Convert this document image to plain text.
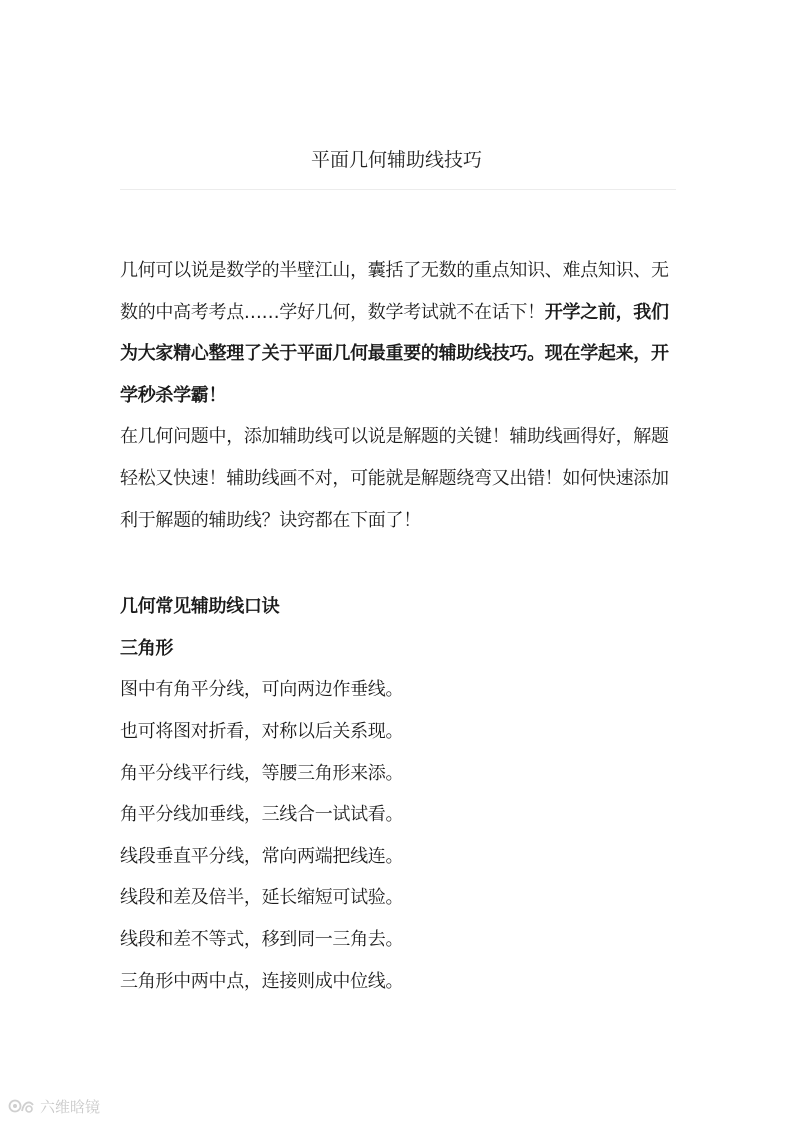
平面几何辅助线技巧

几何可以说是数学的半壁江山，囊括了无数的重点知识、难点知识、无数的中高考考点……学好几何，数学考试就不在话下！开学之前，我们为大家精心整理了关于平面几何最重要的辅助线技巧。现在学起来，开学秒杀学霸！

在几何问题中，添加辅助线可以说是解题的关键！辅助线画得好，解题轻松又快速！辅助线画不对，可能就是解题绕弯又出错！如何快速添加利于解题的辅助线？诀窍都在下面了！

几何常见辅助线口诀

三角形

图中有角平分线，可向两边作垂线。

也可将图对折看，对称以后关系现。

角平分线平行线，等腰三角形来添。

角平分线加垂线，三线合一试试看。

线段垂直平分线，常向两端把线连。

线段和差及倍半，延长缩短可试验。

线段和差不等式，移到同一三角去。

三角形中两中点，连接则成中位线。

六维晗镜
